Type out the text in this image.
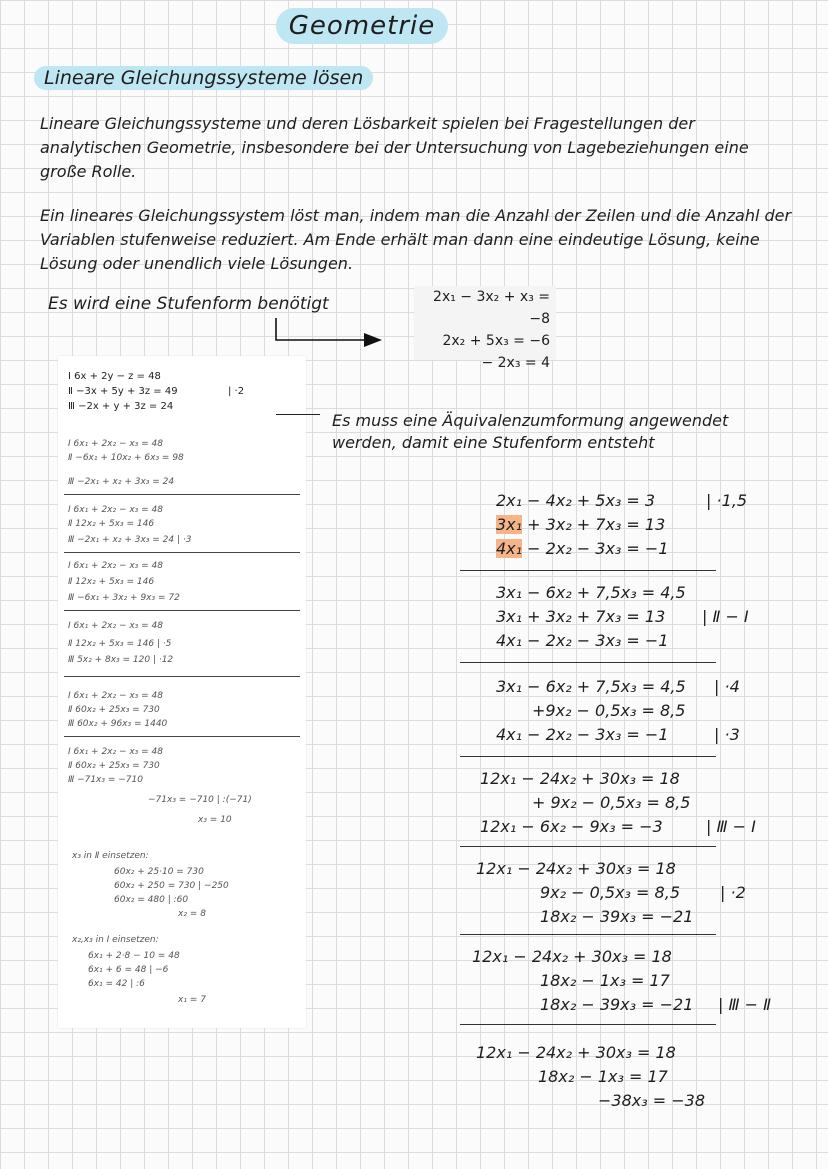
Geometrie
Lineare Gleichungssysteme lösen
Lineare Gleichungssysteme und deren Lösbarkeit spielen bei Fragestellungen der analytischen Geometrie, insbesondere bei der Untersuchung von Lagebeziehungen eine große Rolle.
Ein lineares Gleichungssystem löst man, indem man die Anzahl der Zeilen und die Anzahl der Variablen stufenweise reduziert. Am Ende erhält man dann eine eindeutige Lösung, keine Lösung oder unendlich viele Lösungen.
Es wird eine Stufenform benötigt	2x₁ − 3x₂ + x₃ = −8
2x₂ + 5x₃ = −6
− 2x₃ = 4
Ⅰ 6x + 2y − z = 48
Ⅱ −3x + 5y + 3z = 49
Ⅲ −2x + y + 3z = 24
| ·2
Ⅰ 6x₁ + 2x₂ − x₃ = 48
Ⅱ −6x₁ + 10x₂ + 6x₃ = 98
Ⅲ −2x₁ + x₂ + 3x₃ = 24
Ⅰ 6x₁ + 2x₂ − x₃ = 48
Ⅱ 12x₂ + 5x₃ = 146
Ⅲ −2x₁ + x₂ + 3x₃ = 24 | ·3
Ⅰ 6x₁ + 2x₂ − x₃ = 48
Ⅱ 12x₂ + 5x₃ = 146
Ⅲ −6x₁ + 3x₂ + 9x₃ = 72
Ⅰ 6x₁ + 2x₂ − x₃ = 48
Ⅱ 12x₂ + 5x₃ = 146 | ·5
Ⅲ 5x₂ + 8x₃ = 120 | ·12
Ⅰ 6x₁ + 2x₂ − x₃ = 48
Ⅱ 60x₂ + 25x₃ = 730
Ⅲ 60x₂ + 96x₃ = 1440
Ⅰ 6x₁ + 2x₂ − x₃ = 48
Ⅱ 60x₂ + 25x₃ = 730
Ⅲ −71x₃ = −710
−71x₃ = −710 | :(−71)
x₃ = 10
x₃ in Ⅱ einsetzen:
60x₂ + 25·10 = 730
60x₂ + 250 = 730 | −250
60x₂ = 480 | :60
x₂ = 8
x₂,x₃ in Ⅰ einsetzen:
6x₁ + 2·8 − 10 = 48
6x₁ + 6 = 48 | −6
6x₁ = 42 | :6
x₁ = 7
Es muss eine Äquivalenzumformung angewendet werden, damit eine Stufenform entsteht
2x₁ − 4x₂ + 5x₃ = 3
3x₁ + 3x₂ + 7x₃ = 13
4x₁ − 2x₂ − 3x₃ = −1
| ·1,5
3x₁ − 6x₂ + 7,5x₃ = 4,5
3x₁ + 3x₂ + 7x₃ = 13
4x₁ − 2x₂ − 3x₃ = −1
| Ⅱ − Ⅰ
3x₁ − 6x₂ + 7,5x₃ = 4,5
+9x₂ − 0,5x₃ = 8,5
4x₁ − 2x₂ − 3x₃ = −1
| ·4
| ·3
12x₁ − 24x₂ + 30x₃ = 18
+ 9x₂ − 0,5x₃ = 8,5
12x₁ − 6x₂ − 9x₃ = −3	| Ⅲ − Ⅰ
12x₁ − 24x₂ + 30x₃ = 18
9x₂ − 0,5x₃ = 8,5
18x₂ − 39x₃ = −21
| ·2
12x₁ − 24x₂ + 30x₃ = 18
18x₂ − 1x₃ = 17
18x₂ − 39x₃ = −21 | Ⅲ − Ⅱ
12x₁ − 24x₂ + 30x₃ = 18
18x₂ − 1x₃ = 17
−38x₃ = −38
